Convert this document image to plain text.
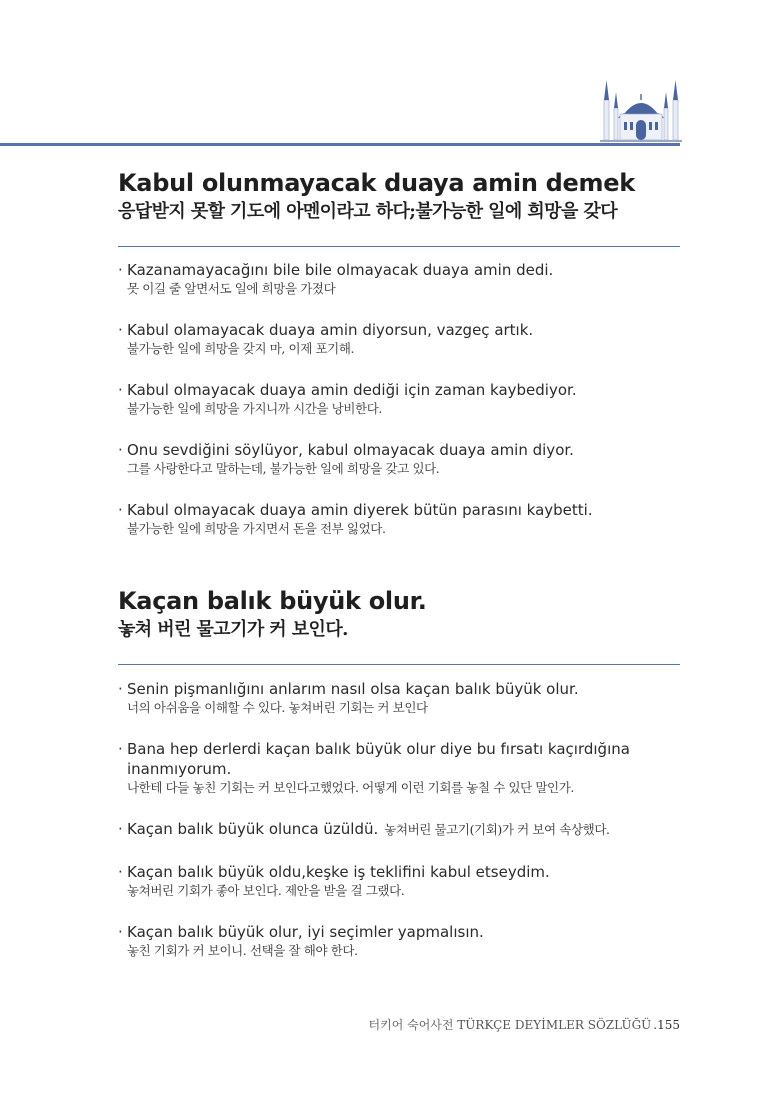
Kabul olunmayacak duaya amin demek
응답받지 못할 기도에 아멘이라고 하다;불가능한 일에 희망을 갖다
· Kazanamayacağını bile bile olmayacak duaya amin dedi.
못 이길 줄 알면서도 일에 희망을 가졌다
· Kabul olamayacak duaya amin diyorsun, vazgeç artık.
불가능한 일에 희망을 갖지 마, 이제 포기해.
· Kabul olmayacak duaya amin dediği için zaman kaybediyor.
불가능한 일에 희망을 가지니까 시간을 낭비한다.
· Onu sevdiğini söylüyor, kabul olmayacak duaya amin diyor.
그를 사랑한다고 말하는데, 불가능한 일에 희망을 갖고 있다.
· Kabul olmayacak duaya amin diyerek bütün parasını kaybetti.
불가능한 일에 희망을 가지면서 돈을 전부 잃었다.
Kaçan balık büyük olur.
놓쳐 버린 물고기가 커 보인다.
· Senin pişmanlığını anlarım nasıl olsa kaçan balık büyük olur.
너의 아쉬움을 이해할 수 있다. 놓쳐버린 기회는 커 보인다
· Bana hep derlerdi kaçan balık büyük olur diye bu fırsatı kaçırdığına inanmıyorum.
나한테 다들 놓친 기회는 커 보인다고했었다. 어떻게 이런 기회를 놓칠 수 있단 말인가.
· Kaçan balık büyük olunca üzüldü. 놓쳐버린 물고기(기회)가 커 보여 속상했다.
· Kaçan balık büyük oldu,keşke iş teklifini kabul etseydim.
놓쳐버린 기회가 좋아 보인다. 제안을 받을 걸 그랬다.
· Kaçan balık büyük olur, iyi seçimler yapmalısın.
놓친 기회가 커 보이니. 선택을 잘 해야 한다.
터키어 숙어사전 TÜRKÇE DEYİMLER SÖZLÜĞÜ .155
